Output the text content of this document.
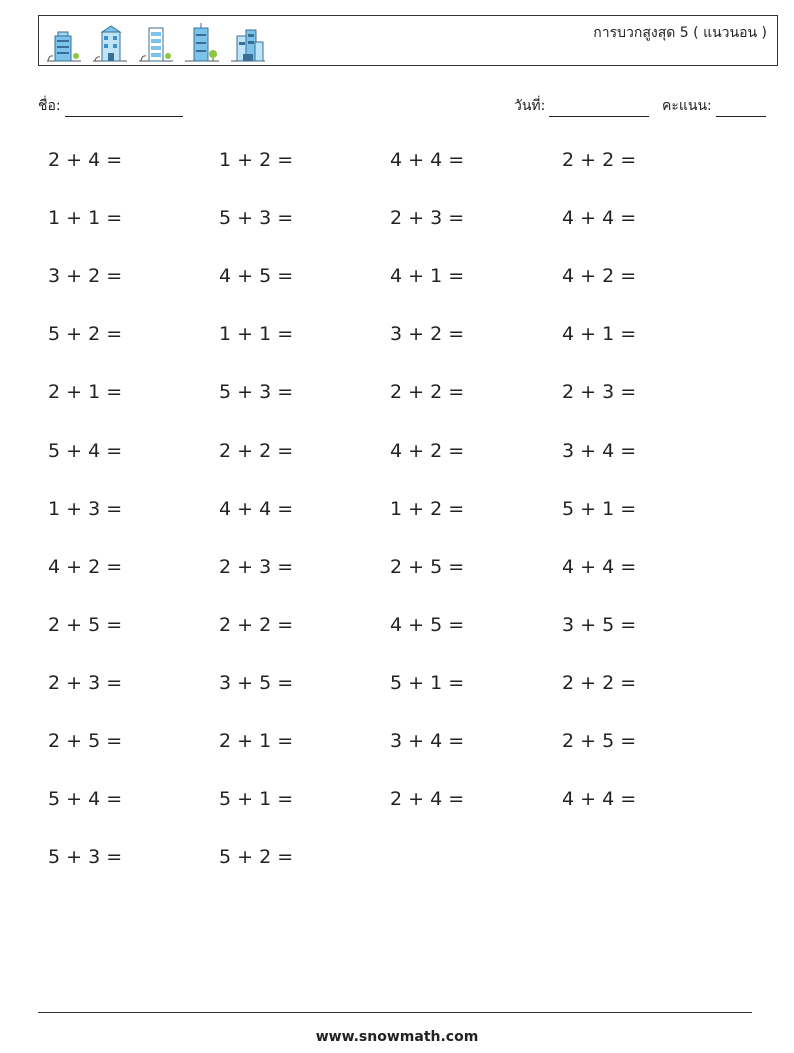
การบวกสูงสุด 5 ( แนวนอน )
ชื่อ:	วันที่:	คะแนน:
2 + 4 =	1 + 2 =	4 + 4 =	2 + 2 =
1 + 1 =	5 + 3 =	2 + 3 =	4 + 4 =
3 + 2 =	4 + 5 =	4 + 1 =	4 + 2 =
5 + 2 =	1 + 1 =	3 + 2 =	4 + 1 =
2 + 1 =	5 + 3 =	2 + 2 =	2 + 3 =
5 + 4 =	2 + 2 =	4 + 2 =	3 + 4 =
1 + 3 =	4 + 4 =	1 + 2 =	5 + 1 =
4 + 2 =	2 + 3 =	2 + 5 =	4 + 4 =
2 + 5 =	2 + 2 =	4 + 5 =	3 + 5 =
2 + 3 =	3 + 5 =	5 + 1 =	2 + 2 =
2 + 5 =	2 + 1 =	3 + 4 =	2 + 5 =
5 + 4 =	5 + 1 =	2 + 4 =	4 + 4 =
5 + 3 =	5 + 2 =
www.snowmath.com
